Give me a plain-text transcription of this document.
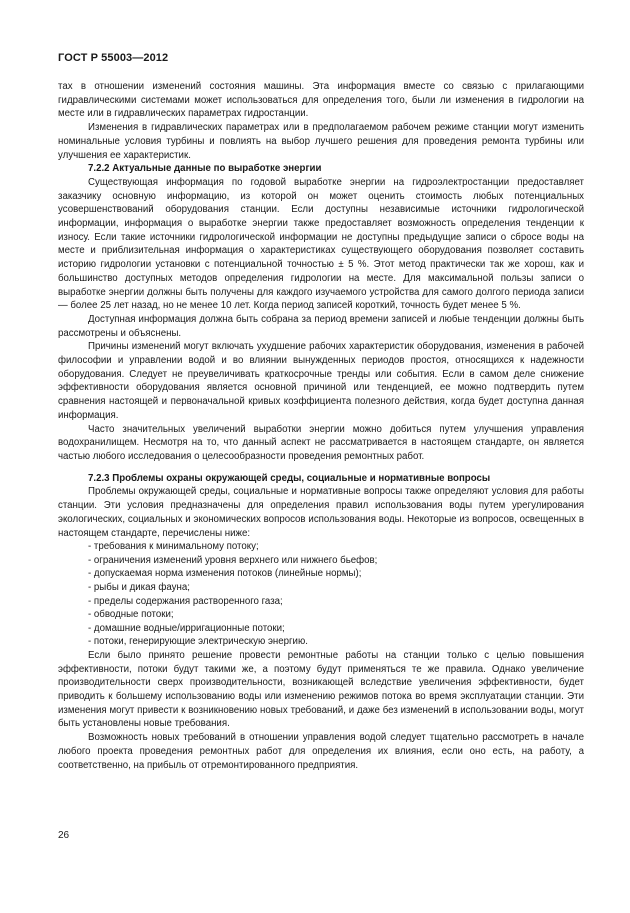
ГОСТ Р 55003—2012

тах в отношении изменений состояния машины. Эта информация вместе со связью с прилагающими гидравлическими системами может использоваться для определения того, были ли изменения в гидрологии на месте или в гидравлических параметрах гидростанции.

Изменения в гидравлических параметрах или в предполагаемом рабочем режиме станции могут изменить номинальные условия турбины и повлиять на выбор лучшего решения для проведения ремонта турбины или улучшения ее характеристик.

7.2.2 Актуальные данные по выработке энергии

Существующая информация по годовой выработке энергии на гидроэлектростанции предоставляет заказчику основную информацию, из которой он может оценить стоимость любых потенциальных усовершенствований оборудования станции. Если доступны независимые источники гидрологической информации, информация о выработке энергии также предоставляет возможность определения тенденции к износу. Если такие источники гидрологической информации не доступны предыдущие записи о сбросе воды на месте и приблизительная информация о характеристиках существующего оборудования позволяет составить историю гидрологии установки с потенциальной точностью ± 5 %. Этот метод практически так же хорош, как и большинство доступных методов определения гидрологии на месте. Для максимальной пользы записи о выработке энергии должны быть получены для каждого изучаемого устройства для самого долгого периода записи — более 25 лет назад, но не менее 10 лет. Когда период записей короткий, точность будет менее 5 %.

Доступная информация должна быть собрана за период времени записей и любые тенденции должны быть рассмотрены и объяснены.

Причины изменений могут включать ухудшение рабочих характеристик оборудования, изменения в рабочей философии и управлении водой и во влиянии вынужденных периодов простоя, относящихся к надежности оборудования. Следует не преувеличивать краткосрочные тренды или события. Если в самом деле снижение эффективности оборудования является основной причиной или тенденцией, ее можно подтвердить путем сравнения настоящей и первоначальной кривых коэффициента полезного действия, когда будет доступна данная информация.

Часто значительных увеличений выработки энергии можно добиться путем улучшения управления водохранилищем. Несмотря на то, что данный аспект не рассматривается в настоящем стандарте, он является частью любого исследования о целесообразности проведения ремонтных работ.

7.2.3 Проблемы охраны окружающей среды, социальные и нормативные вопросы

Проблемы окружающей среды, социальные и нормативные вопросы также определяют условия для работы станции. Эти условия предназначены для определения правил использования воды путем урегулирования экологических, социальных и экономических вопросов использования воды. Некоторые из вопросов, освещенных в настоящем стандарте, перечислены ниже:

- требования к минимальному потоку;
- ограничения изменений уровня верхнего или нижнего бьефов;
- допускаемая норма изменения потоков (линейные нормы);
- рыбы и дикая фауна;
- пределы содержания растворенного газа;
- обводные потоки;
- домашние водные/ирригационные потоки;
- потоки, генерирующие электрическую энергию.

Если было принято решение провести ремонтные работы на станции только с целью повышения эффективности, потоки будут такими же, а поэтому будут применяться те же правила. Однако увеличение производительности сверх производительности, возникающей вследствие увеличения эффективности, будет приводить к большему использованию воды или изменению режимов потока во время эксплуатации станции. Эти изменения могут привести к возникновению новых требований, и даже без изменений в использовании воды, могут быть установлены новые требования.

Возможность новых требований в отношении управления водой следует тщательно рассмотреть в начале любого проекта проведения ремонтных работ для определения их влияния, если оно есть, на работу, а соответственно, на прибыль от отремонтированного предприятия.

26
